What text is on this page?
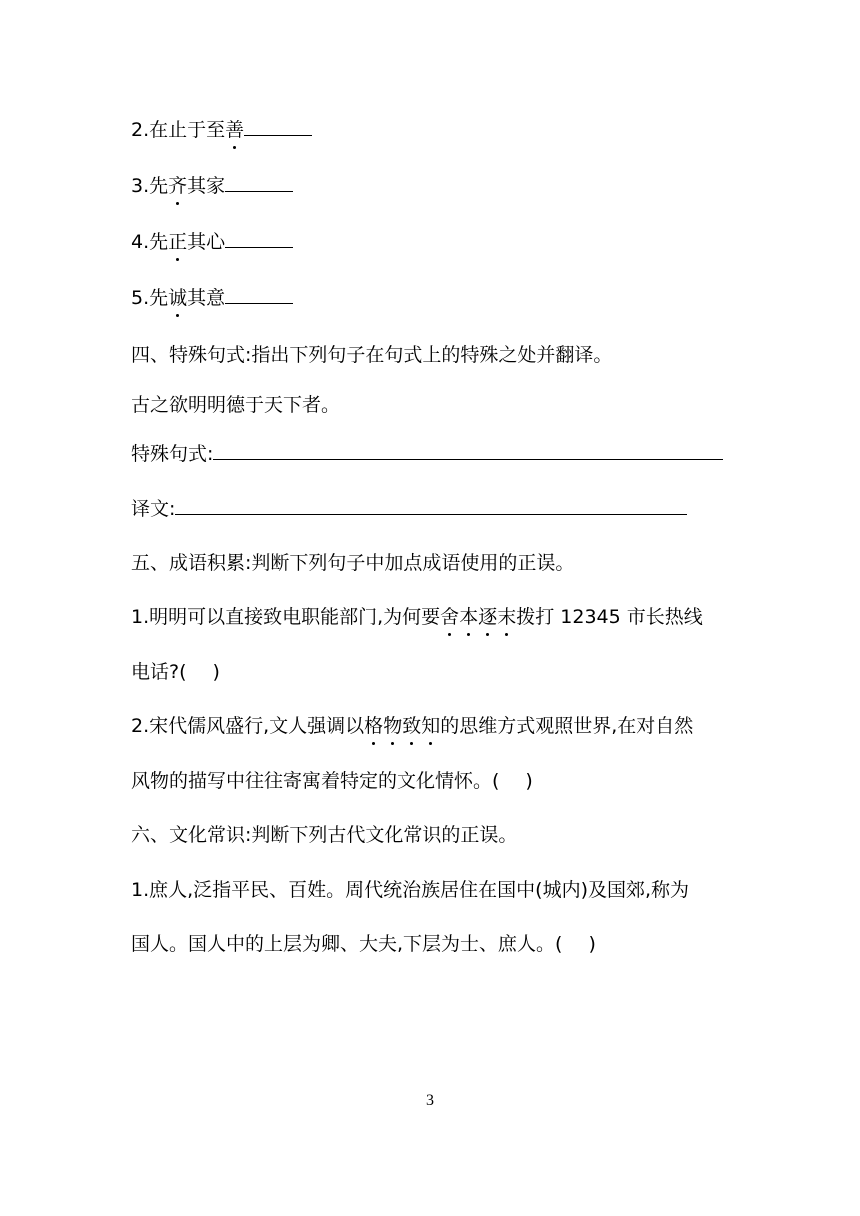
2.在止于至善
3.先齐其家
4.先正其心
5.先诚其意
四、特殊句式:指出下列句子在句式上的特殊之处并翻译。
古之欲明明德于天下者。
特殊句式:
译文:
五、成语积累:判断下列句子中加点成语使用的正误。
1.明明可以直接致电职能部门,为何要舍本逐末拨打 12345 市长热线
电话?( )
2.宋代儒风盛行,文人强调以格物致知的思维方式观照世界,在对自然
风物的描写中往往寄寓着特定的文化情怀。( )
六、文化常识:判断下列古代文化常识的正误。
1.庶人,泛指平民、百姓。周代统治族居住在国中(城内)及国郊,称为
国人。国人中的上层为卿、大夫,下层为士、庶人。( )
3
